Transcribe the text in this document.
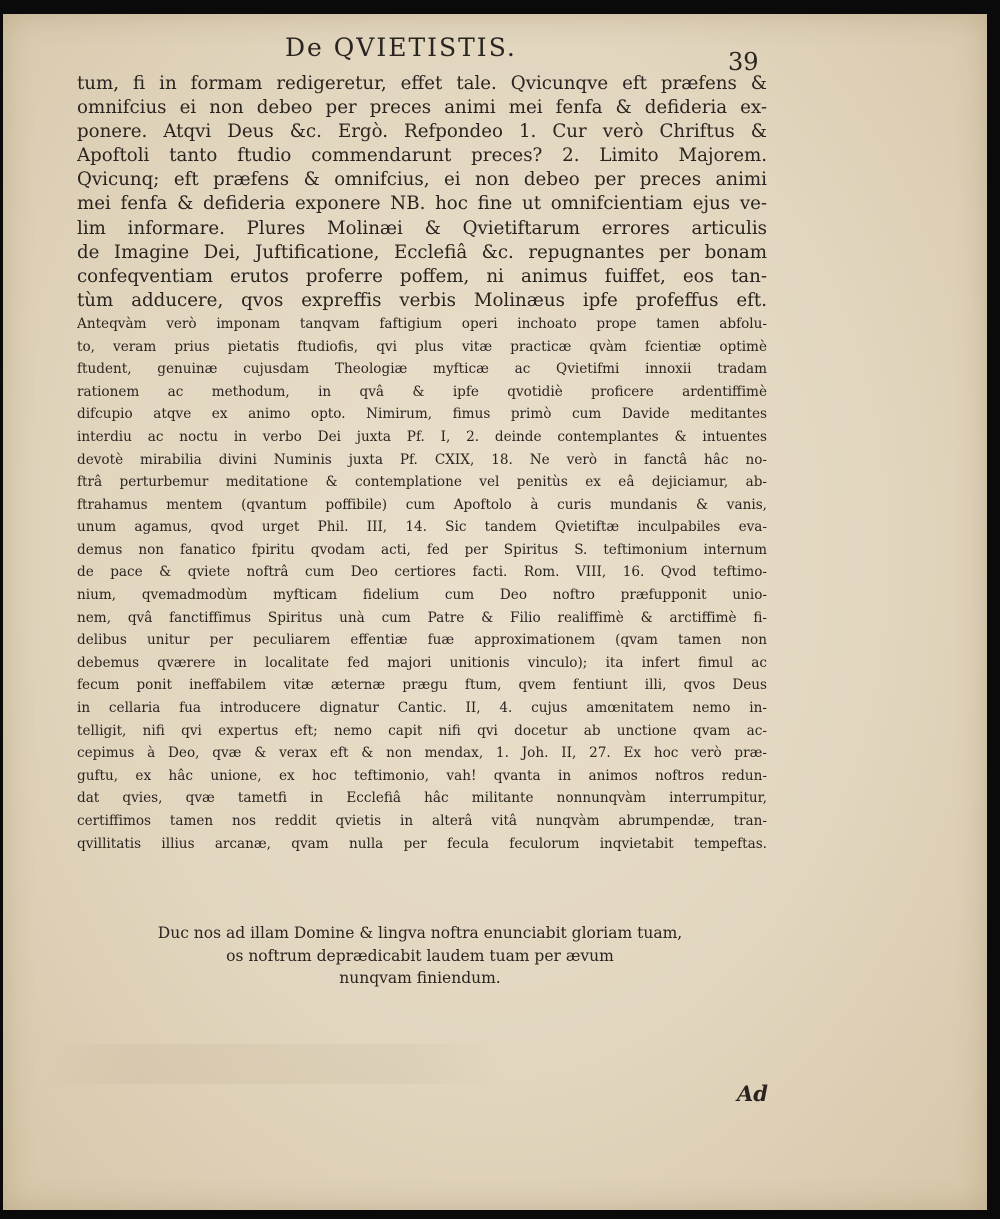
De QVIETISTIS.	39
tum, fi in formam redigeretur, effet tale. Qvicunqve eft præfens &
omnifcius ei non debeo per preces animi mei fenfa & defideria ex-
ponere. Atqvi Deus &c. Ergò. Refpondeo 1. Cur verò Chriftus &
Apoftoli tanto ftudio commendarunt preces? 2. Limito Majorem.
Qvicunq; eft præfens & omnifcius, ei non debeo per preces animi
mei fenfa & defideria exponere NB. hoc fine ut omnifcientiam ejus ve-
lim informare. Plures Molinæi & Qvietiftarum errores articulis
de Imagine Dei, Juftificatione, Ecclefiâ &c. repugnantes per bonam
confeqventiam erutos proferre poffem, ni animus fuiffet, eos tan-
tùm adducere, qvos expreffis verbis Molinæus ipfe profeffus eft.
Anteqvàm verò imponam tanqvam faftigium operi inchoato prope tamen abfolu-
to, veram prius pietatis ftudiofis, qvi plus vitæ practicæ qvàm fcientiæ optimè
ftudent, genuinæ cujusdam Theologiæ myfticæ ac Qvietifmi innoxii tradam
rationem ac methodum, in qvâ & ipfe qvotidiè proficere ardentiffimè
difcupio atqve ex animo opto. Nimirum, fimus primò cum Davide meditantes
interdiu ac noctu in verbo Dei juxta Pf. I, 2. deinde contemplantes & intuentes
devotè mirabilia divini Numinis juxta Pf. CXIX, 18. Ne verò in fanctâ hâc no-
ftrâ perturbemur meditatione & contemplatione vel penitùs ex eâ dejiciamur, ab-
ftrahamus mentem (qvantum poffibile) cum Apoftolo à curis mundanis & vanis,
unum agamus, qvod urget Phil. III, 14. Sic tandem Qvietiftæ inculpabiles eva-
demus non fanatico fpiritu qvodam acti, fed per Spiritus S. teftimonium internum
de pace & qviete noftrâ cum Deo certiores facti. Rom. VIII, 16. Qvod teftimo-
nium, qvemadmodùm myfticam fidelium cum Deo noftro præfupponit unio-
nem, qvâ fanctiffimus Spiritus unà cum Patre & Filio realiffimè & arctiffimè fi-
delibus unitur per peculiarem effentiæ fuæ approximationem (qvam tamen non
debemus qværere in localitate fed majori unitionis vinculo); ita infert fimul ac
fecum ponit ineffabilem vitæ æternæ prægu ftum, qvem fentiunt illi, qvos Deus
in cellaria fua introducere dignatur Cantic. II, 4. cujus amœnitatem nemo in-
telligit, nifi qvi expertus eft; nemo capit nifi qvi docetur ab unctione qvam ac-
cepimus à Deo, qvæ & verax eft & non mendax, 1. Joh. II, 27. Ex hoc verò præ-
guftu, ex hâc unione, ex hoc teftimonio, vah! qvanta in animos noftros redun-
dat qvies, qvæ tametfi in Ecclefiâ hâc militante nonnunqvàm interrumpitur,
certiffimos tamen nos reddit qvietis in alterâ vitâ nunqvàm abrumpendæ, tran-
qvillitatis illius arcanæ, qvam nulla per fecula feculorum inqvietabit tempeftas.
Duc nos ad illam Domine & lingva noftra enunciabit gloriam tuam,
os noftrum deprædicabit laudem tuam per ævum
nunqvam finiendum.
Ad
